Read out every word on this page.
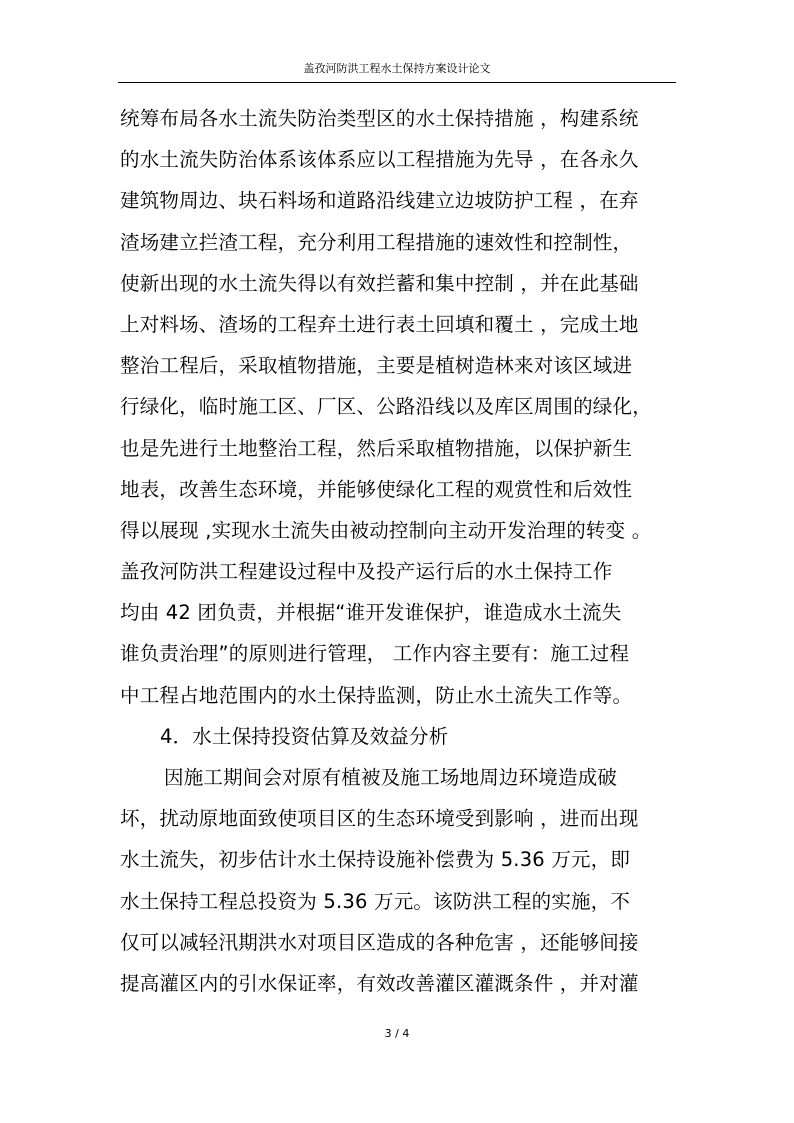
盖孜河防洪工程水土保持方案设计论文
统筹布局各水土流失防治类型区的水土保持措施 ，构建系统
的水土流失防治体系该体系应以工程措施为先导 ，在各永久
建筑物周边、块石料场和道路沿线建立边坡防护工程 ，在弃
渣场建立拦渣工程，充分利用工程措施的速效性和控制性，
使新出现的水土流失得以有效拦蓄和集中控制 ，并在此基础
上对料场、渣场的工程弃土进行表土回填和覆土 ，完成土地
整治工程后，采取植物措施，主要是植树造林来对该区域进
行绿化，临时施工区、厂区、公路沿线以及库区周围的绿化，
也是先进行土地整治工程，然后采取植物措施，以保护新生
地表，改善生态环境，并能够使绿化工程的观赏性和后效性
得以展现 ,实现水土流失由被动控制向主动开发治理的转变 。
盖孜河防洪工程建设过程中及投产运行后的水土保持工作
均由 42 团负责，并根据“谁开发谁保护，谁造成水土流失
谁负责治理”的原则进行管理， 工作内容主要有：施工过程
中工程占地范围内的水土保持监测，防止水土流失工作等。
4．水土保持投资估算及效益分析
因施工期间会对原有植被及施工场地周边环境造成破
坏，扰动原地面致使项目区的生态环境受到影响 ，进而出现
水土流失，初步估计水土保持设施补偿费为 5.36 万元，即
水土保持工程总投资为 5.36 万元。该防洪工程的实施，不
仅可以减轻汛期洪水对项目区造成的各种危害 ，还能够间接
提高灌区内的引水保证率，有效改善灌区灌溉条件 ，并对灌
3 / 4
